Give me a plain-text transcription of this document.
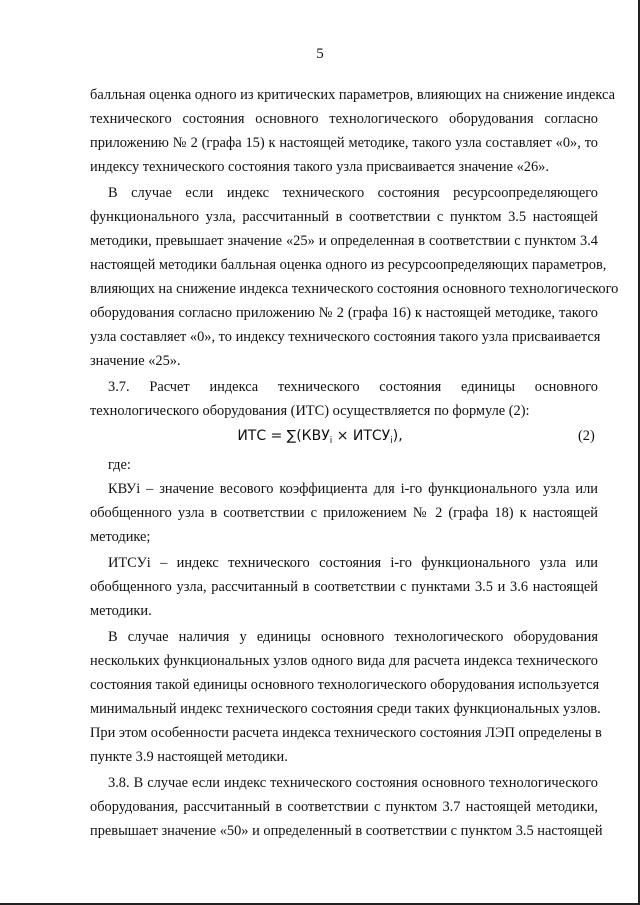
5
балльная оценка одного из критических параметров, влияющих на снижение индекса
технического состояния основного технологического оборудования согласно
приложению № 2 (графа 15) к настоящей методике, такого узла составляет «0», то
индексу технического состояния такого узла присваивается значение «26».
В случае если индекс технического состояния ресурсоопределяющего
функционального узла, рассчитанный в соответствии с пунктом 3.5 настоящей
методики, превышает значение «25» и определенная в соответствии с пунктом 3.4
настоящей методики балльная оценка одного из ресурсоопределяющих параметров,
влияющих на снижение индекса технического состояния основного технологического
оборудования согласно приложению № 2 (графа 16) к настоящей методике, такого
узла составляет «0», то индексу технического состояния такого узла присваивается
значение «25».
3.7. Расчет индекса технического состояния единицы основного
технологического оборудования (ИТС) осуществляется по формуле (2):
ИТС = $\sum(КВУ_i$ × $ИТСУ_i$),	(2)
где:
КВУi – значение весового коэффициента для i-го функционального узла или
обобщенного узла в соответствии с приложением № 2 (графа 18) к настоящей
методике;
ИТСУi – индекс технического состояния i-го функционального узла или
обобщенного узла, рассчитанный в соответствии с пунктами 3.5 и 3.6 настоящей
методики.
В случае наличия у единицы основного технологического оборудования
нескольких функциональных узлов одного вида для расчета индекса технического
состояния такой единицы основного технологического оборудования используется
минимальный индекс технического состояния среди таких функциональных узлов.
При этом особенности расчета индекса технического состояния ЛЭП определены в
пункте 3.9 настоящей методики.
3.8. В случае если индекс технического состояния основного технологического
оборудования, рассчитанный в соответствии с пунктом 3.7 настоящей методики,
превышает значение «50» и определенный в соответствии с пунктом 3.5 настоящей
